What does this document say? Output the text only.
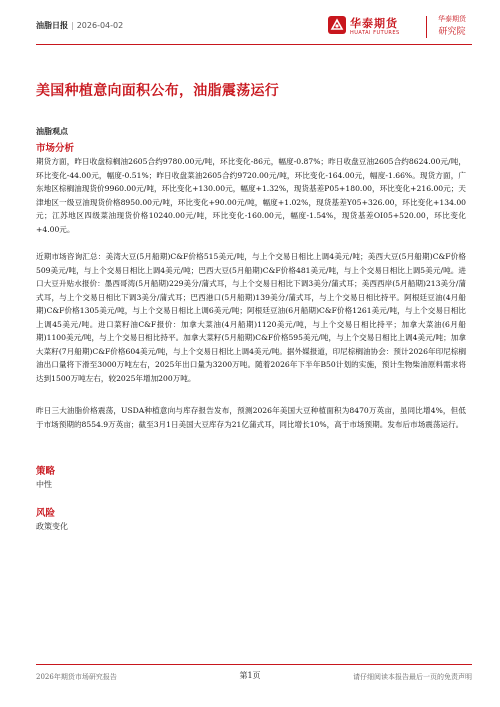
油脂日报 | 2026-04-02	华泰期货
HUATAI FUTURES
华泰期货
研究院
美国种植意向面积公布，油脂震荡运行
油脂观点
市场分析
期货方面，昨日收盘棕榈油2605合约9780.00元/吨，环比变化-86元，幅度-0.87%；昨日收盘豆油2605合约8624.00元/吨，环比变化-44.00元，幅度-0.51%；昨日收盘菜油2605合约9720.00元/吨，环比变化-164.00元，幅度-1.66%。现货方面，广东地区棕榈油现货价9960.00元/吨，环比变化+130.00元，幅度+1.32%，现货基差P05+180.00，环比变化+216.00元；天津地区一级豆油现货价格8950.00元/吨，环比变化+90.00元/吨，幅度+1.02%，现货基差Y05+326.00，环比变化+134.00元；江苏地区四级菜油现货价格10240.00元/吨，环比变化-160.00元，幅度-1.54%，现货基差OI05+520.00，环比变化+4.00元。
近期市场咨询汇总：美湾大豆(5月船期)C&F价格515美元/吨，与上个交易日相比上调4美元/吨；美西大豆(5月船期)C&F价格509美元/吨，与上个交易日相比上调4美元/吨；巴西大豆(5月船期)C&F价格481美元/吨，与上个交易日相比上调5美元/吨。进口大豆升贴水报价：墨西哥湾(5月船期)229美分/蒲式耳，与上个交易日相比下调3美分/蒲式耳；美西西岸(5月船期)213美分/蒲式耳，与上个交易日相比下调3美分/蒲式耳；巴西港口(5月船期)139美分/蒲式耳，与上个交易日相比持平。阿根廷豆油(4月船期)C&F价格1305美元/吨，与上个交易日相比上调6美元/吨；阿根廷豆油(6月船期)C&F价格1261美元/吨，与上个交易日相比上调45美元/吨。进口菜籽油C&F报价：加拿大菜油(4月船期)1120美元/吨，与上个交易日相比持平；加拿大菜油(6月船期)1100美元/吨，与上个交易日相比持平。加拿大菜籽(5月船期)C&F价格595美元/吨，与上个交易日相比上调4美元/吨；加拿大菜籽(7月船期)C&F价格604美元/吨，与上个交易日相比上调4美元/吨。据外媒报道，印尼棕榈油协会：预计2026年印尼棕榈油出口量将下滑至3000万吨左右，2025年出口量为3200万吨。随着2026年下半年B50计划的实施，预计生物柴油原料需求将达到1500万吨左右，较2025年增加200万吨。
昨日三大油脂价格震荡，USDA种植意向与库存报告发布，预测2026年美国大豆种植面积为8470万英亩，虽同比增4%，但低于市场预期的8554.9万英亩；截至3月1日美国大豆库存为21亿蒲式耳，同比增长10%，高于市场预期。发布后市场震荡运行。
策略
中性
风险
政策变化
2026年期货市场研究报告	第1页	请仔细阅读本报告最后一页的免责声明
